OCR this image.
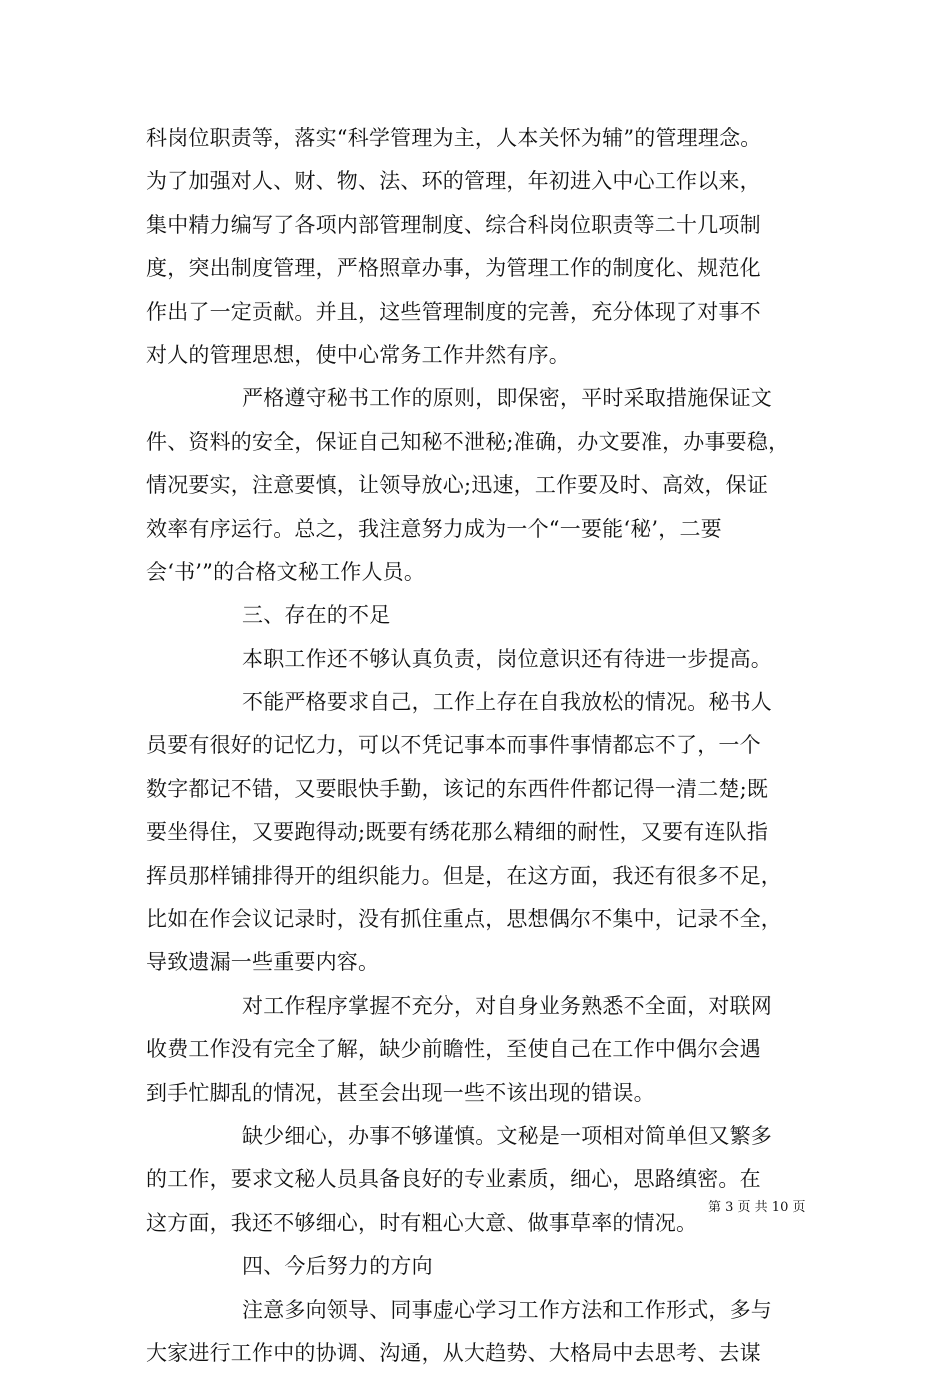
科岗位职责等，落实“科学管理为主，人本关怀为辅”的管理理念。
为了加强对人、财、物、法、环的管理，年初进入中心工作以来，
集中精力编写了各项内部管理制度、综合科岗位职责等二十几项制
度，突出制度管理，严格照章办事，为管理工作的制度化、规范化
作出了一定贡献。并且，这些管理制度的完善，充分体现了对事不
对人的管理思想，使中心常务工作井然有序。
严格遵守秘书工作的原则，即保密，平时采取措施保证文
件、资料的安全，保证自己知秘不泄秘;准确，办文要准，办事要稳，
情况要实，注意要慎，让领导放心;迅速，工作要及时、高效，保证
效率有序运行。总之，我注意努力成为一个“一要能‘秘’，二要
会‘书’”的合格文秘工作人员。
三、存在的不足
本职工作还不够认真负责，岗位意识还有待进一步提高。
不能严格要求自己，工作上存在自我放松的情况。秘书人
员要有很好的记忆力，可以不凭记事本而事件事情都忘不了，一个
数字都记不错，又要眼快手勤，该记的东西件件都记得一清二楚;既
要坐得住，又要跑得动;既要有绣花那么精细的耐性，又要有连队指
挥员那样铺排得开的组织能力。但是，在这方面，我还有很多不足，
比如在作会议记录时，没有抓住重点，思想偶尔不集中，记录不全，
导致遗漏一些重要内容。
对工作程序掌握不充分，对自身业务熟悉不全面，对联网
收费工作没有完全了解，缺少前瞻性，至使自己在工作中偶尔会遇
到手忙脚乱的情况，甚至会出现一些不该出现的错误。
缺少细心，办事不够谨慎。文秘是一项相对简单但又繁多
的工作，要求文秘人员具备良好的专业素质，细心，思路缜密。在
这方面，我还不够细心，时有粗心大意、做事草率的情况。
四、今后努力的方向
注意多向领导、同事虚心学习工作方法和工作形式，多与
大家进行工作中的协调、沟通，从大趋势、大格局中去思考、去谋
第 3 页 共 10 页
